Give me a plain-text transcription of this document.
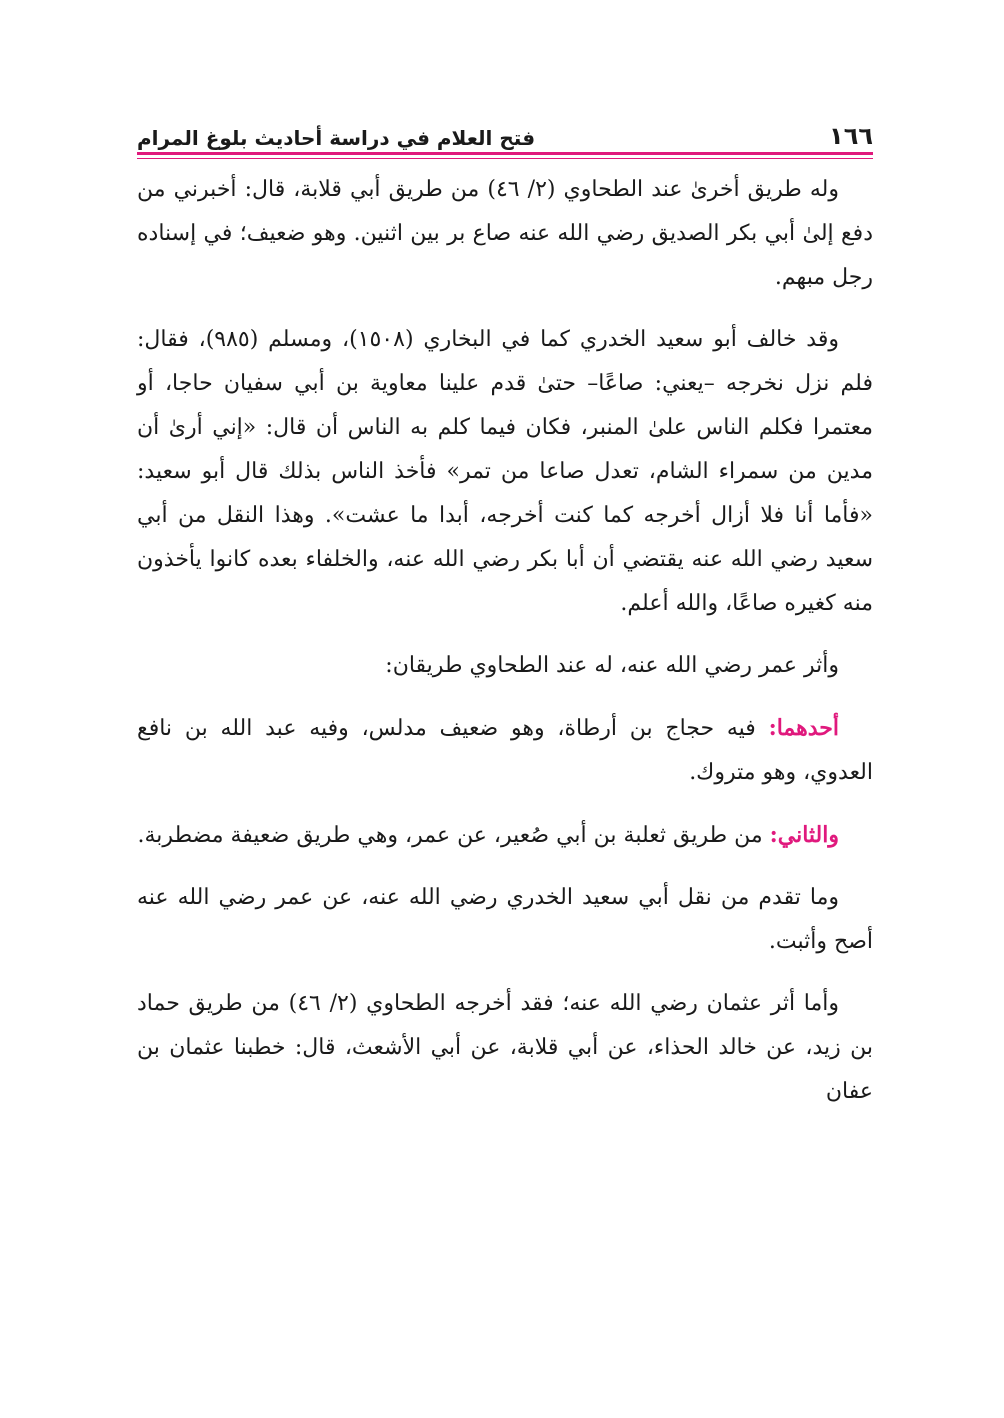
١٦٦
فتح العلام في دراسة أحاديث بلوغ المرام

وله طريق أخرىٰ عند الطحاوي (٢/ ٤٦) من طريق أبي قلابة، قال: أخبرني من دفع إلىٰ أبي بكر الصديق رضي الله عنه صاع بر بين اثنين. وهو ضعيف؛ في إسناده رجل مبهم.

وقد خالف أبو سعيد الخدري كما في البخاري (١٥٠٨)، ومسلم (٩٨٥)، فقال: فلم نزل نخرجه –يعني: صاعًا– حتىٰ قدم علينا معاوية بن أبي سفيان حاجا، أو معتمرا فكلم الناس علىٰ المنبر، فكان فيما كلم به الناس أن قال: «إني أرىٰ أن مدين من سمراء الشام، تعدل صاعا من تمر» فأخذ الناس بذلك قال أبو سعيد: «فأما أنا فلا أزال أخرجه كما كنت أخرجه، أبدا ما عشت». وهذا النقل من أبي سعيد رضي الله عنه يقتضي أن أبا بكر رضي الله عنه، والخلفاء بعده كانوا يأخذون منه كغيره صاعًا، والله أعلم.

وأثر عمر رضي الله عنه، له عند الطحاوي طريقان:

أحدهما: فيه حجاج بن أرطاة، وهو ضعيف مدلس، وفيه عبد الله بن نافع العدوي، وهو متروك.

والثاني: من طريق ثعلبة بن أبي صُعير، عن عمر، وهي طريق ضعيفة مضطربة.

وما تقدم من نقل أبي سعيد الخدري رضي الله عنه، عن عمر رضي الله عنه أصح وأثبت.

وأما أثر عثمان رضي الله عنه؛ فقد أخرجه الطحاوي (٢/ ٤٦) من طريق حماد بن زيد، عن خالد الحذاء، عن أبي قلابة، عن أبي الأشعث، قال: خطبنا عثمان بن عفان
